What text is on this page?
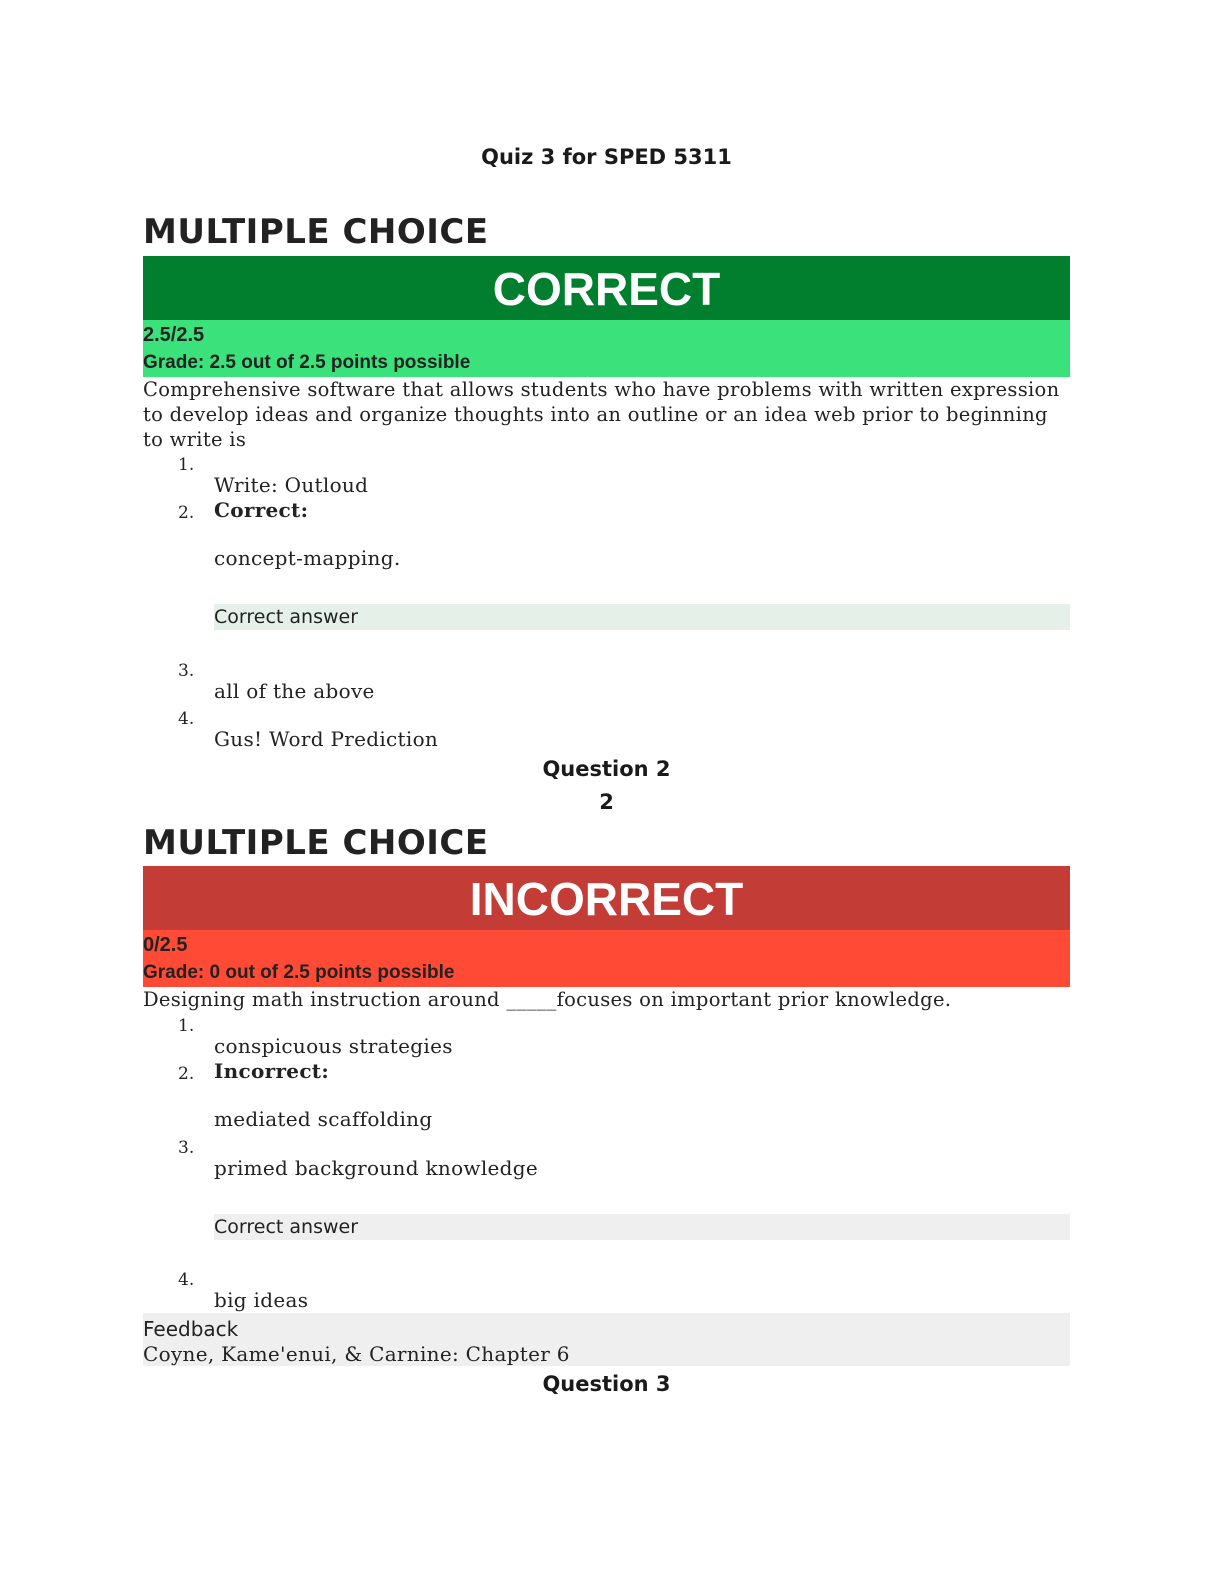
Quiz 3 for SPED 5311
MULTIPLE CHOICE
CORRECT
2.5/2.5
Grade: 2.5 out of 2.5 points possible
Comprehensive software that allows students who have problems with written expression to develop ideas and organize thoughts into an outline or an idea web prior to beginning to write is
1.
Write: Outloud
2. Correct:
concept-mapping.
Correct answer
3.
all of the above
4.
Gus! Word Prediction
Question 2
2
MULTIPLE CHOICE
INCORRECT
0/2.5
Grade: 0 out of 2.5 points possible
Designing math instruction around _____focuses on important prior knowledge.
1.
conspicuous strategies
2. Incorrect:
mediated scaffolding
3.
primed background knowledge
Correct answer
4.
big ideas
Feedback
Coyne, Kame'enui, & Carnine: Chapter 6
Question 3
